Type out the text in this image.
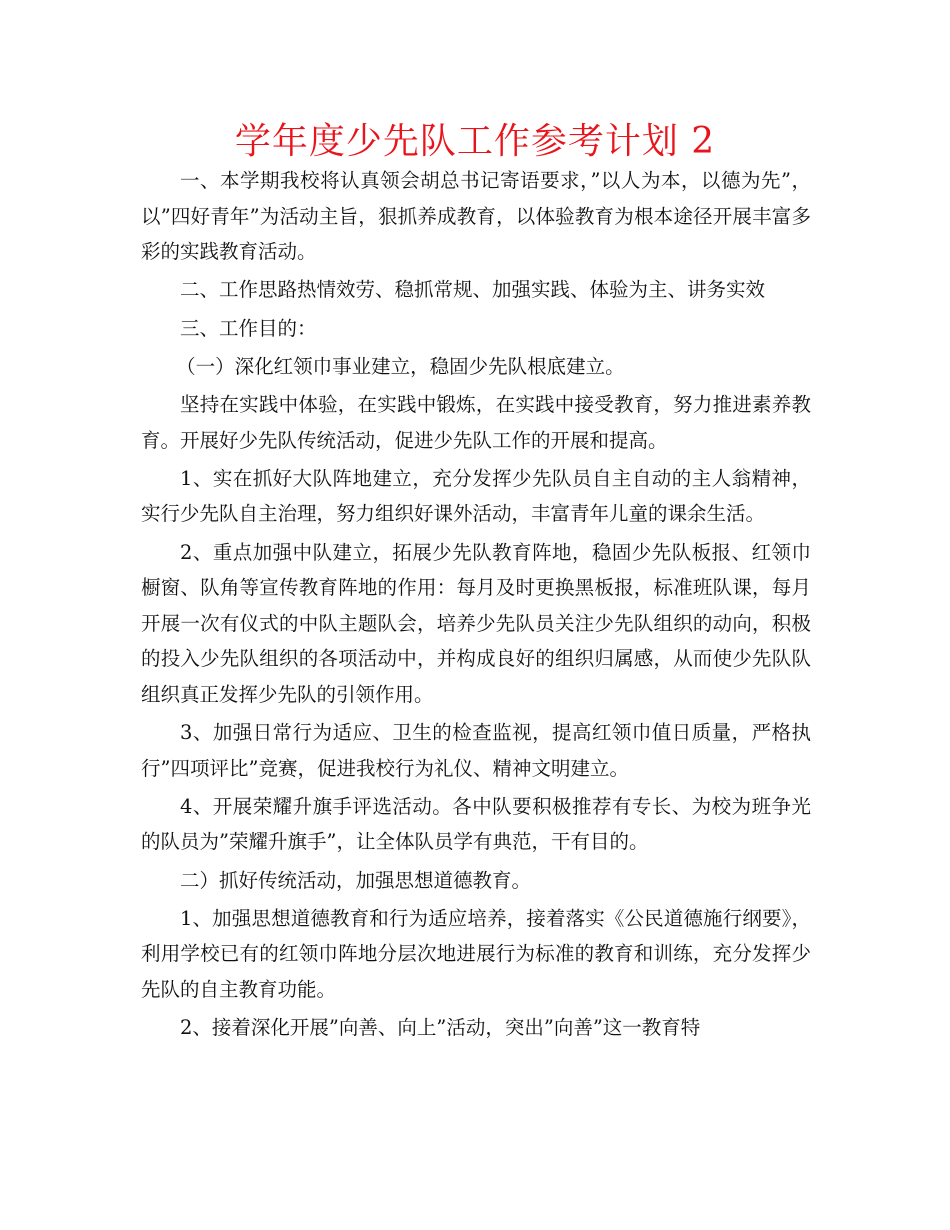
学年度少先队工作参考计划 2

一、本学期我校将认真领会胡总书记寄语要求，”以人为本，以德为先”，以”四好青年”为活动主旨，狠抓养成教育，以体验教育为根本途径开展丰富多彩的实践教育活动。

二、工作思路热情效劳、稳抓常规、加强实践、体验为主、讲务实效

三、工作目的：

（一）深化红领巾事业建立，稳固少先队根底建立。

坚持在实践中体验，在实践中锻炼，在实践中接受教育，努力推进素养教育。开展好少先队传统活动，促进少先队工作的开展和提高。

1、实在抓好大队阵地建立，充分发挥少先队员自主自动的主人翁精神，实行少先队自主治理，努力组织好课外活动，丰富青年儿童的课余生活。

2、重点加强中队建立，拓展少先队教育阵地，稳固少先队板报、红领巾橱窗、队角等宣传教育阵地的作用：每月及时更换黑板报，标准班队课，每月开展一次有仪式的中队主题队会，培养少先队员关注少先队组织的动向，积极的投入少先队组织的各项活动中，并构成良好的组织归属感，从而使少先队队组织真正发挥少先队的引领作用。

3、加强日常行为适应、卫生的检查监视，提高红领巾值日质量，严格执行”四项评比”竞赛，促进我校行为礼仪、精神文明建立。

4、开展荣耀升旗手评选活动。各中队要积极推荐有专长、为校为班争光的队员为”荣耀升旗手”，让全体队员学有典范，干有目的。

二）抓好传统活动，加强思想道德教育。

1、加强思想道德教育和行为适应培养，接着落实《公民道德施行纲要》，利用学校已有的红领巾阵地分层次地进展行为标准的教育和训练，充分发挥少先队的自主教育功能。

2、接着深化开展”向善、向上”活动，突出”向善”这一教育特
